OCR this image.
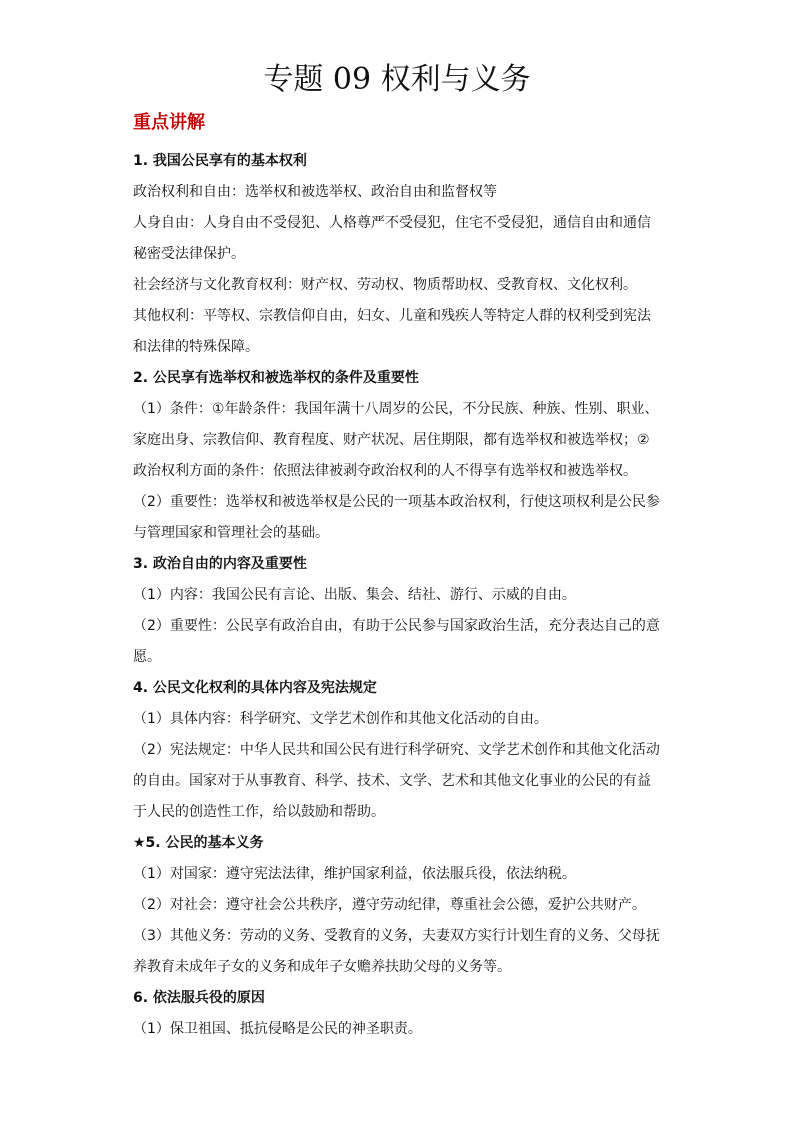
专题 09 权利与义务
重点讲解

1. 我国公民享有的基本权利

政治权利和自由：选举权和被选举权、政治自由和监督权等

人身自由：人身自由不受侵犯、人格尊严不受侵犯，住宅不受侵犯，通信自由和通信

秘密受法律保护。

社会经济与文化教育权利：财产权、劳动权、物质帮助权、受教育权、文化权利。

其他权利：平等权、宗教信仰自由，妇女、儿童和残疾人等特定人群的权利受到宪法

和法律的特殊保障。

2. 公民享有选举权和被选举权的条件及重要性

（1）条件：①年龄条件：我国年满十八周岁的公民，不分民族、种族、性别、职业、

家庭出身、宗教信仰、教育程度、财产状况、居住期限，都有选举权和被选举权；②

政治权利方面的条件：依照法律被剥夺政治权利的人不得享有选举权和被选举权。

（2）重要性：选举权和被选举权是公民的一项基本政治权利，行使这项权利是公民参

与管理国家和管理社会的基础。

3. 政治自由的内容及重要性

（1）内容：我国公民有言论、出版、集会、结社、游行、示威的自由。

（2）重要性：公民享有政治自由，有助于公民参与国家政治生活，充分表达自己的意

愿。

4. 公民文化权利的具体内容及宪法规定

（1）具体内容：科学研究、文学艺术创作和其他文化活动的自由。

（2）宪法规定：中华人民共和国公民有进行科学研究、文学艺术创作和其他文化活动

的自由。国家对于从事教育、科学、技术、文学、艺术和其他文化事业的公民的有益

于人民的创造性工作，给以鼓励和帮助。

★5. 公民的基本义务

（1）对国家：遵守宪法法律，维护国家利益，依法服兵役，依法纳税。

（2）对社会：遵守社会公共秩序，遵守劳动纪律，尊重社会公德，爱护公共财产。

（3）其他义务：劳动的义务、受教育的义务，夫妻双方实行计划生育的义务、父母抚

养教育未成年子女的义务和成年子女赡养扶助父母的义务等。

6. 依法服兵役的原因

（1）保卫祖国、抵抗侵略是公民的神圣职责。
